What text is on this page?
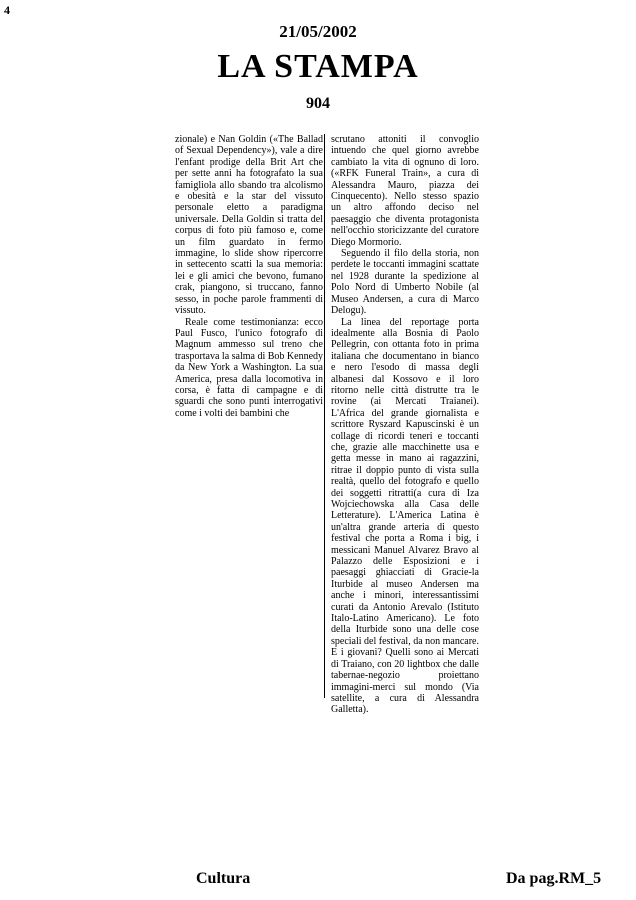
4
21/05/2002
LA STAMPA
904

zionale) e Nan Goldin («The Ballad of Sexual Dependency»), vale a dire l'enfant prodige della Brit Art che per sette anni ha fotografato la sua famigliola allo sbando tra alcolismo e obesità e la star del vissuto personale eletto a paradigma universale. Della Goldin si tratta del corpus di foto più famoso e, come un film guardato in fermo immagine, lo slide show ripercorre in settecento scatti la sua memoria: lei e gli amici che bevono, fumano crak, piangono, si truccano, fanno sesso, in poche parole frammenti di vissuto.

Reale come testimonianza: ecco Paul Fusco, l'unico fotografo di Magnum ammesso sul treno che trasportava la salma di Bob Kennedy da New York a Washington. La sua America, presa dalla locomotiva in corsa, è fatta di campagne e di sguardi che sono punti interrogativi come i volti dei bambini che

scrutano attoniti il convoglio intuendo che quel giorno avrebbe cambiato la vita di ognuno di loro. («RFK Funeral Train», a cura di Alessandra Mauro, piazza dei Cinquecento). Nello stesso spazio un altro affondo deciso nel paesaggio che diventa protagonista nell'occhio storicizzante del curatore Diego Mormorio.

Seguendo il filo della storia, non perdete le toccanti immagini scattate nel 1928 durante la spedizione al Polo Nord di Umberto Nobile (al Museo Andersen, a cura di Marco Delogu).

La linea del reportage porta idealmente alla Bosnia di Paolo Pellegrin, con ottanta foto in prima italiana che documentano in bianco e nero l'esodo di massa degli albanesi dal Kossovo e il loro ritorno nelle città distrutte tra le rovine (ai Mercati Traianei). L'Africa del grande giornalista e scrittore Ryszard Kapuscinski è un collage di ricordi teneri e toccanti che, grazie alle macchinette usa e getta messe in mano ai ragazzini, ritrae il doppio punto di vista sulla realtà, quello del fotografo e quello dei soggetti ritratti(a cura di Iza Wojciechowska alla Casa delle Letterature). L'America Latina è un'altra grande arteria di questo festival che porta a Roma i big, i messicani Manuel Alvarez Bravo al Palazzo delle Esposizioni e i paesaggi ghiacciati di Gracie-la Iturbide al museo Andersen ma anche i minori, interessantissimi curati da Antonio Arevalo (Istituto Italo-Latino Americano). Le foto della Iturbide sono una delle cose speciali del festival, da non mancare. E i giovani? Quelli sono ai Mercati di Traiano, con 20 lightbox che dalle tabernae-negozio proiettano immagini-merci sul mondo (Via satellite, a cura di Alessandra Galletta).

Cultura	Da pag.RM_5
